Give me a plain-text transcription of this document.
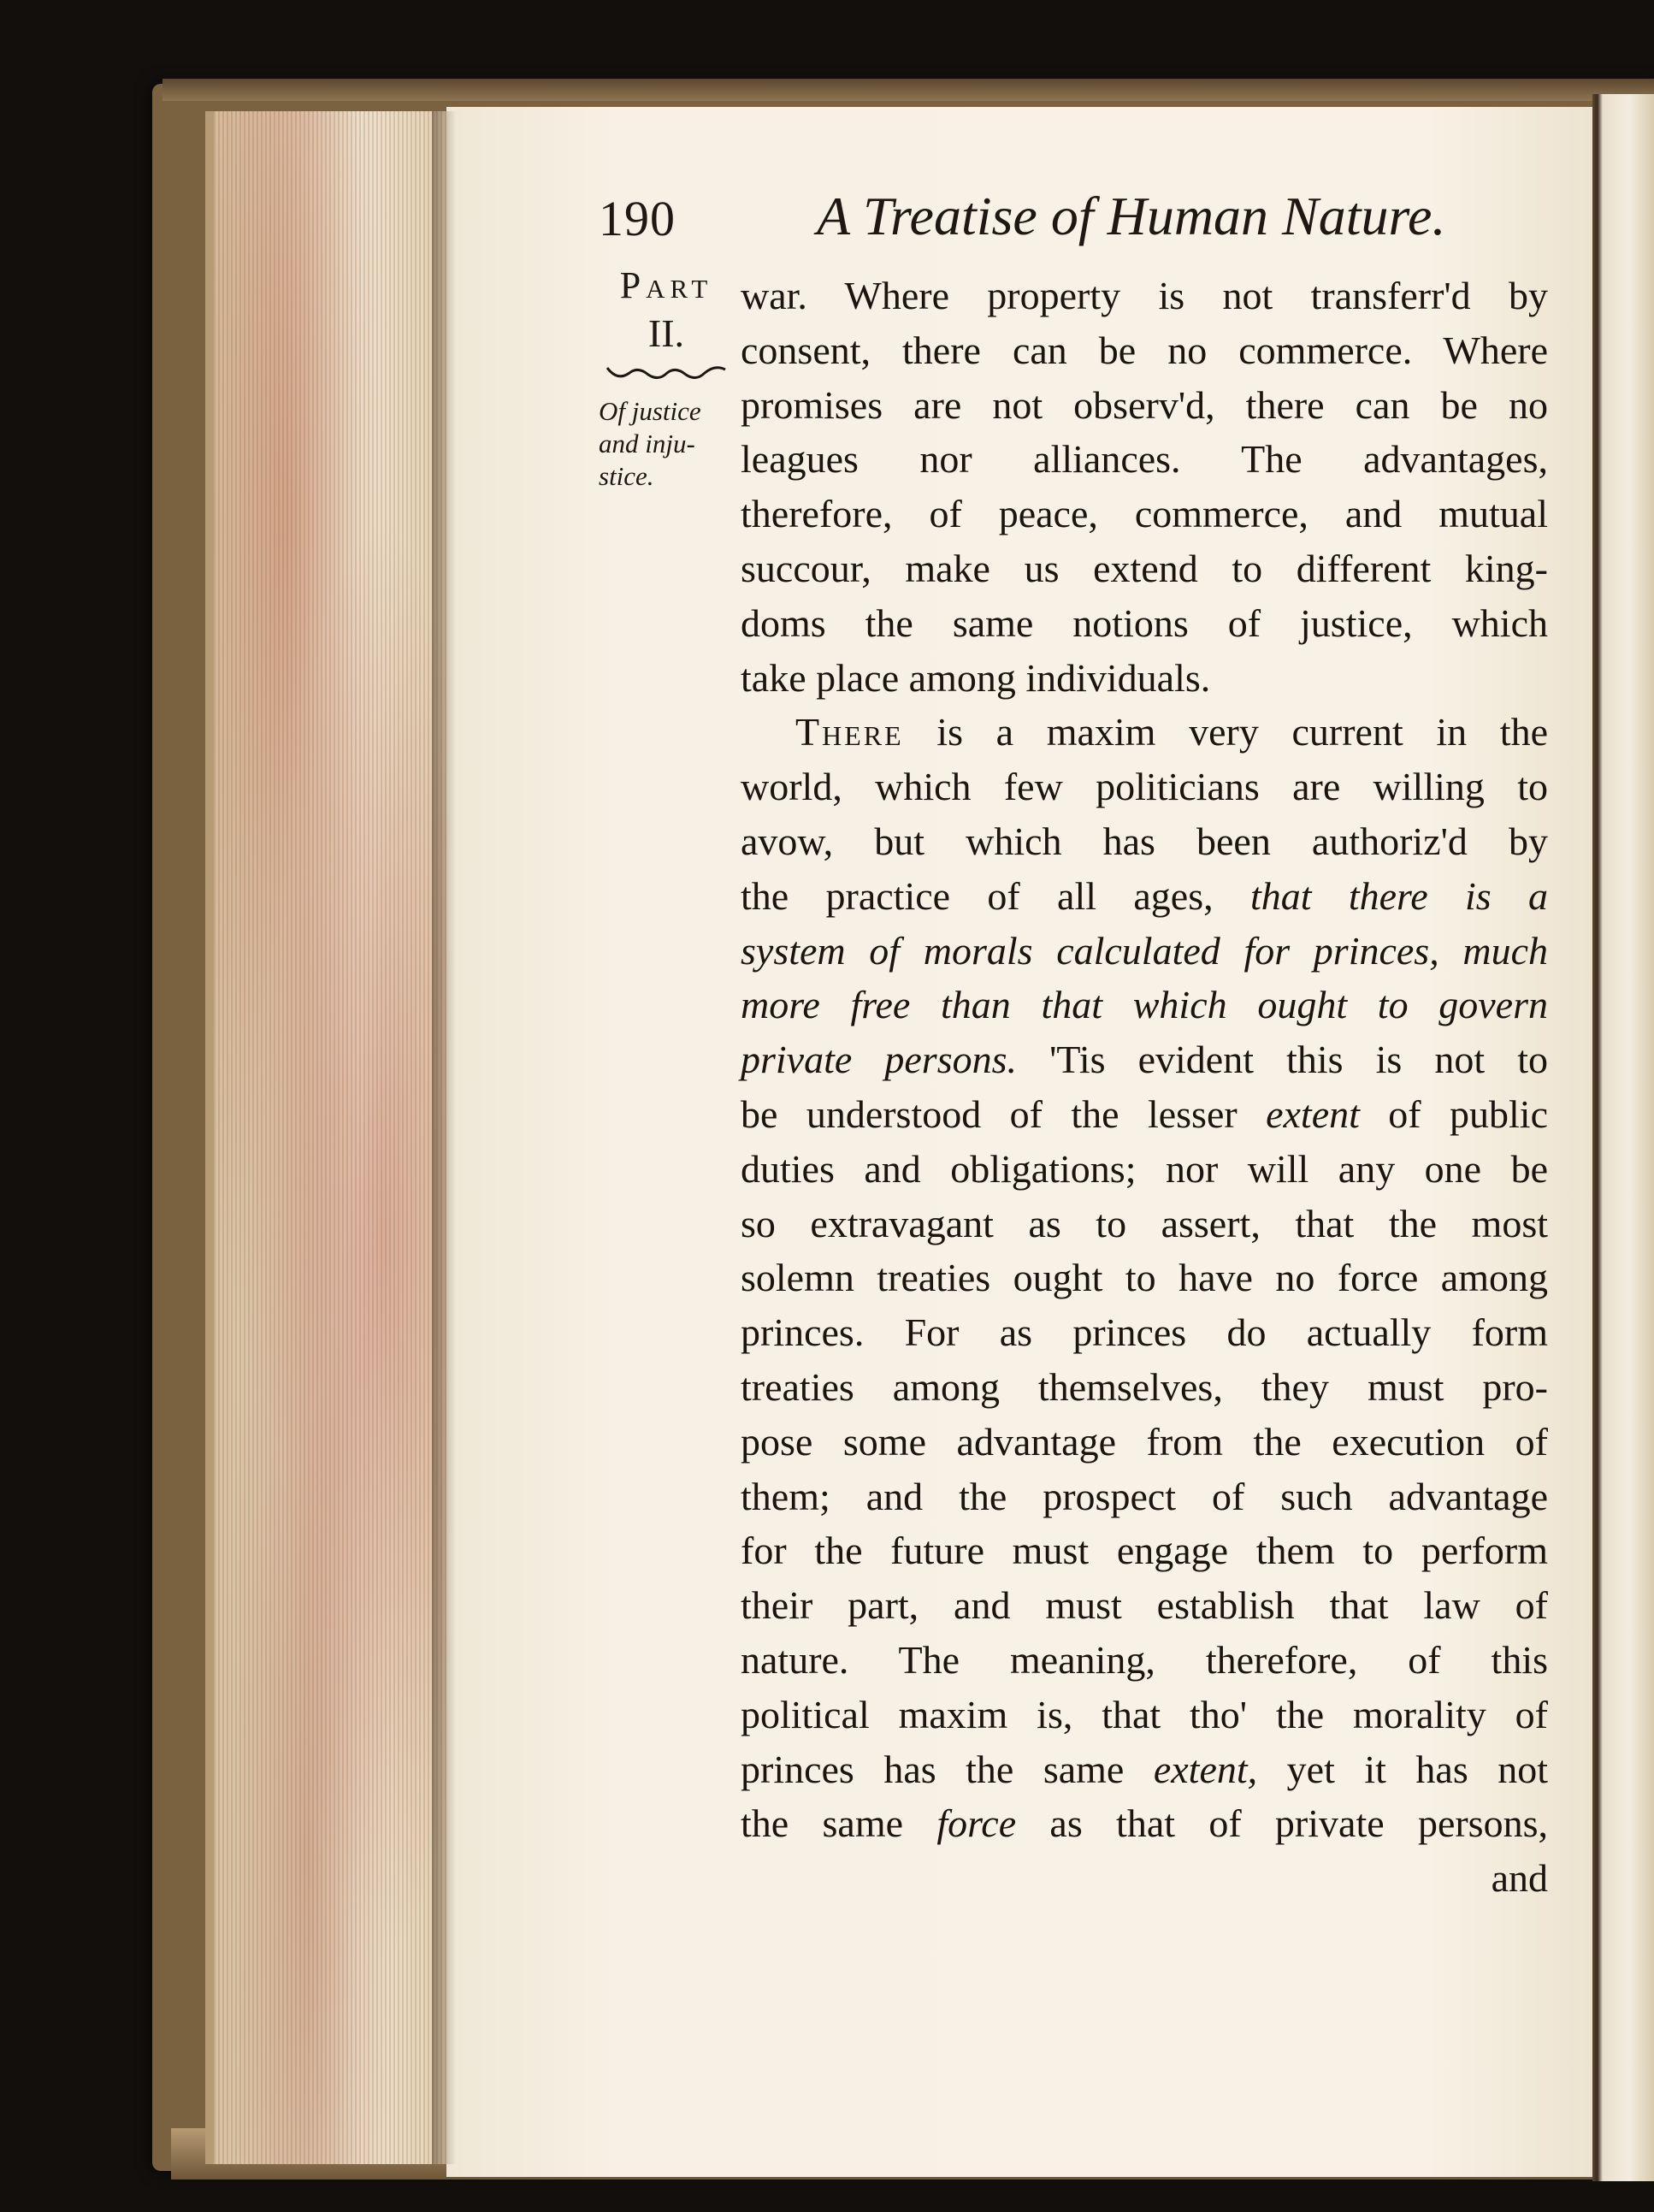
190	A Treatise of Human Nature.
Part
II.
Of justice
and inju-
stice.
war. Where property is not transferr'd by
consent, there can be no commerce. Where
promises are not observ'd, there can be no
leagues nor alliances. The advantages,
therefore, of peace, commerce, and mutual
succour, make us extend to different king-
doms the same notions of justice, which
take place among individuals.
There is a maxim very current in the
world, which few politicians are willing to
avow, but which has been authoriz'd by
the practice of all ages, that there is a
system of morals calculated for princes, much
more free than that which ought to govern
private persons. 'Tis evident this is not to
be understood of the lesser extent of public
duties and obligations; nor will any one be
so extravagant as to assert, that the most
solemn treaties ought to have no force among
princes. For as princes do actually form
treaties among themselves, they must pro-
pose some advantage from the execution of
them; and the prospect of such advantage
for the future must engage them to perform
their part, and must establish that law of
nature. The meaning, therefore, of this
political maxim is, that tho' the morality of
princes has the same extent, yet it has not
the same force as that of private persons,
and
